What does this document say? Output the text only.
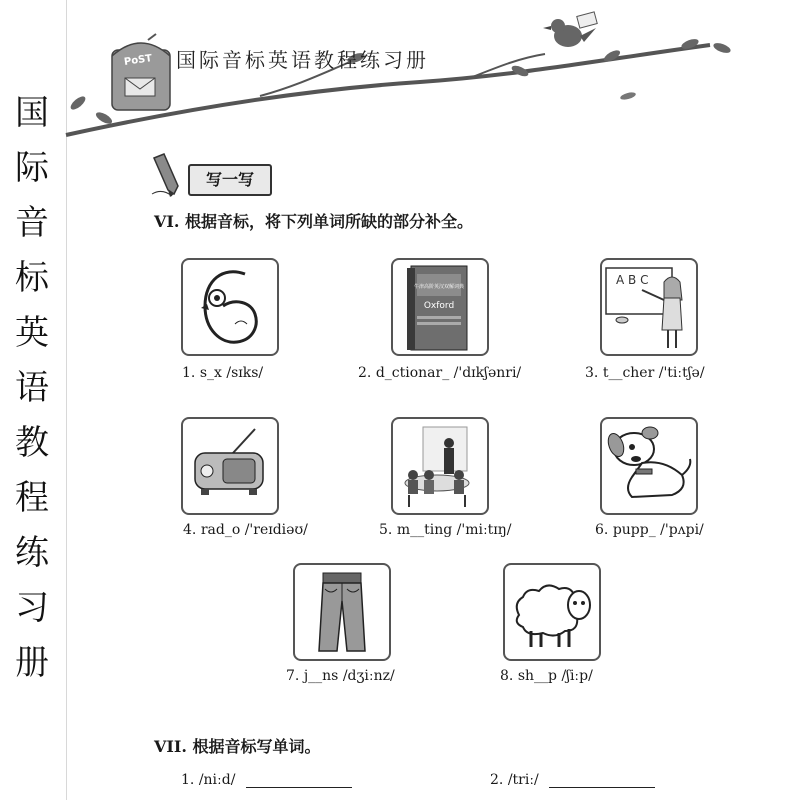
国
际
音
标
英
语
教
程
练
习
册
PoST 国际音标英语教程练习册
写一写
VI. 根据音标，将下列单词所缺的部分补全。
Oxford
牛津高阶英汉双解词典	A B C
1. s_x /sɪks/	2. d_ctionar_ /'dɪkʃənri/	3. t__cher /'tiːtʃə/
4. rad_o /'reɪdiəʊ/	5. m__ting /'miːtɪŋ/	6. pupp_ /'pʌpi/
7. j__ns /dʒiːnz/	8. sh__p /ʃiːp/
VII. 根据音标写单词。
1. /niːd/	2. /triː/
